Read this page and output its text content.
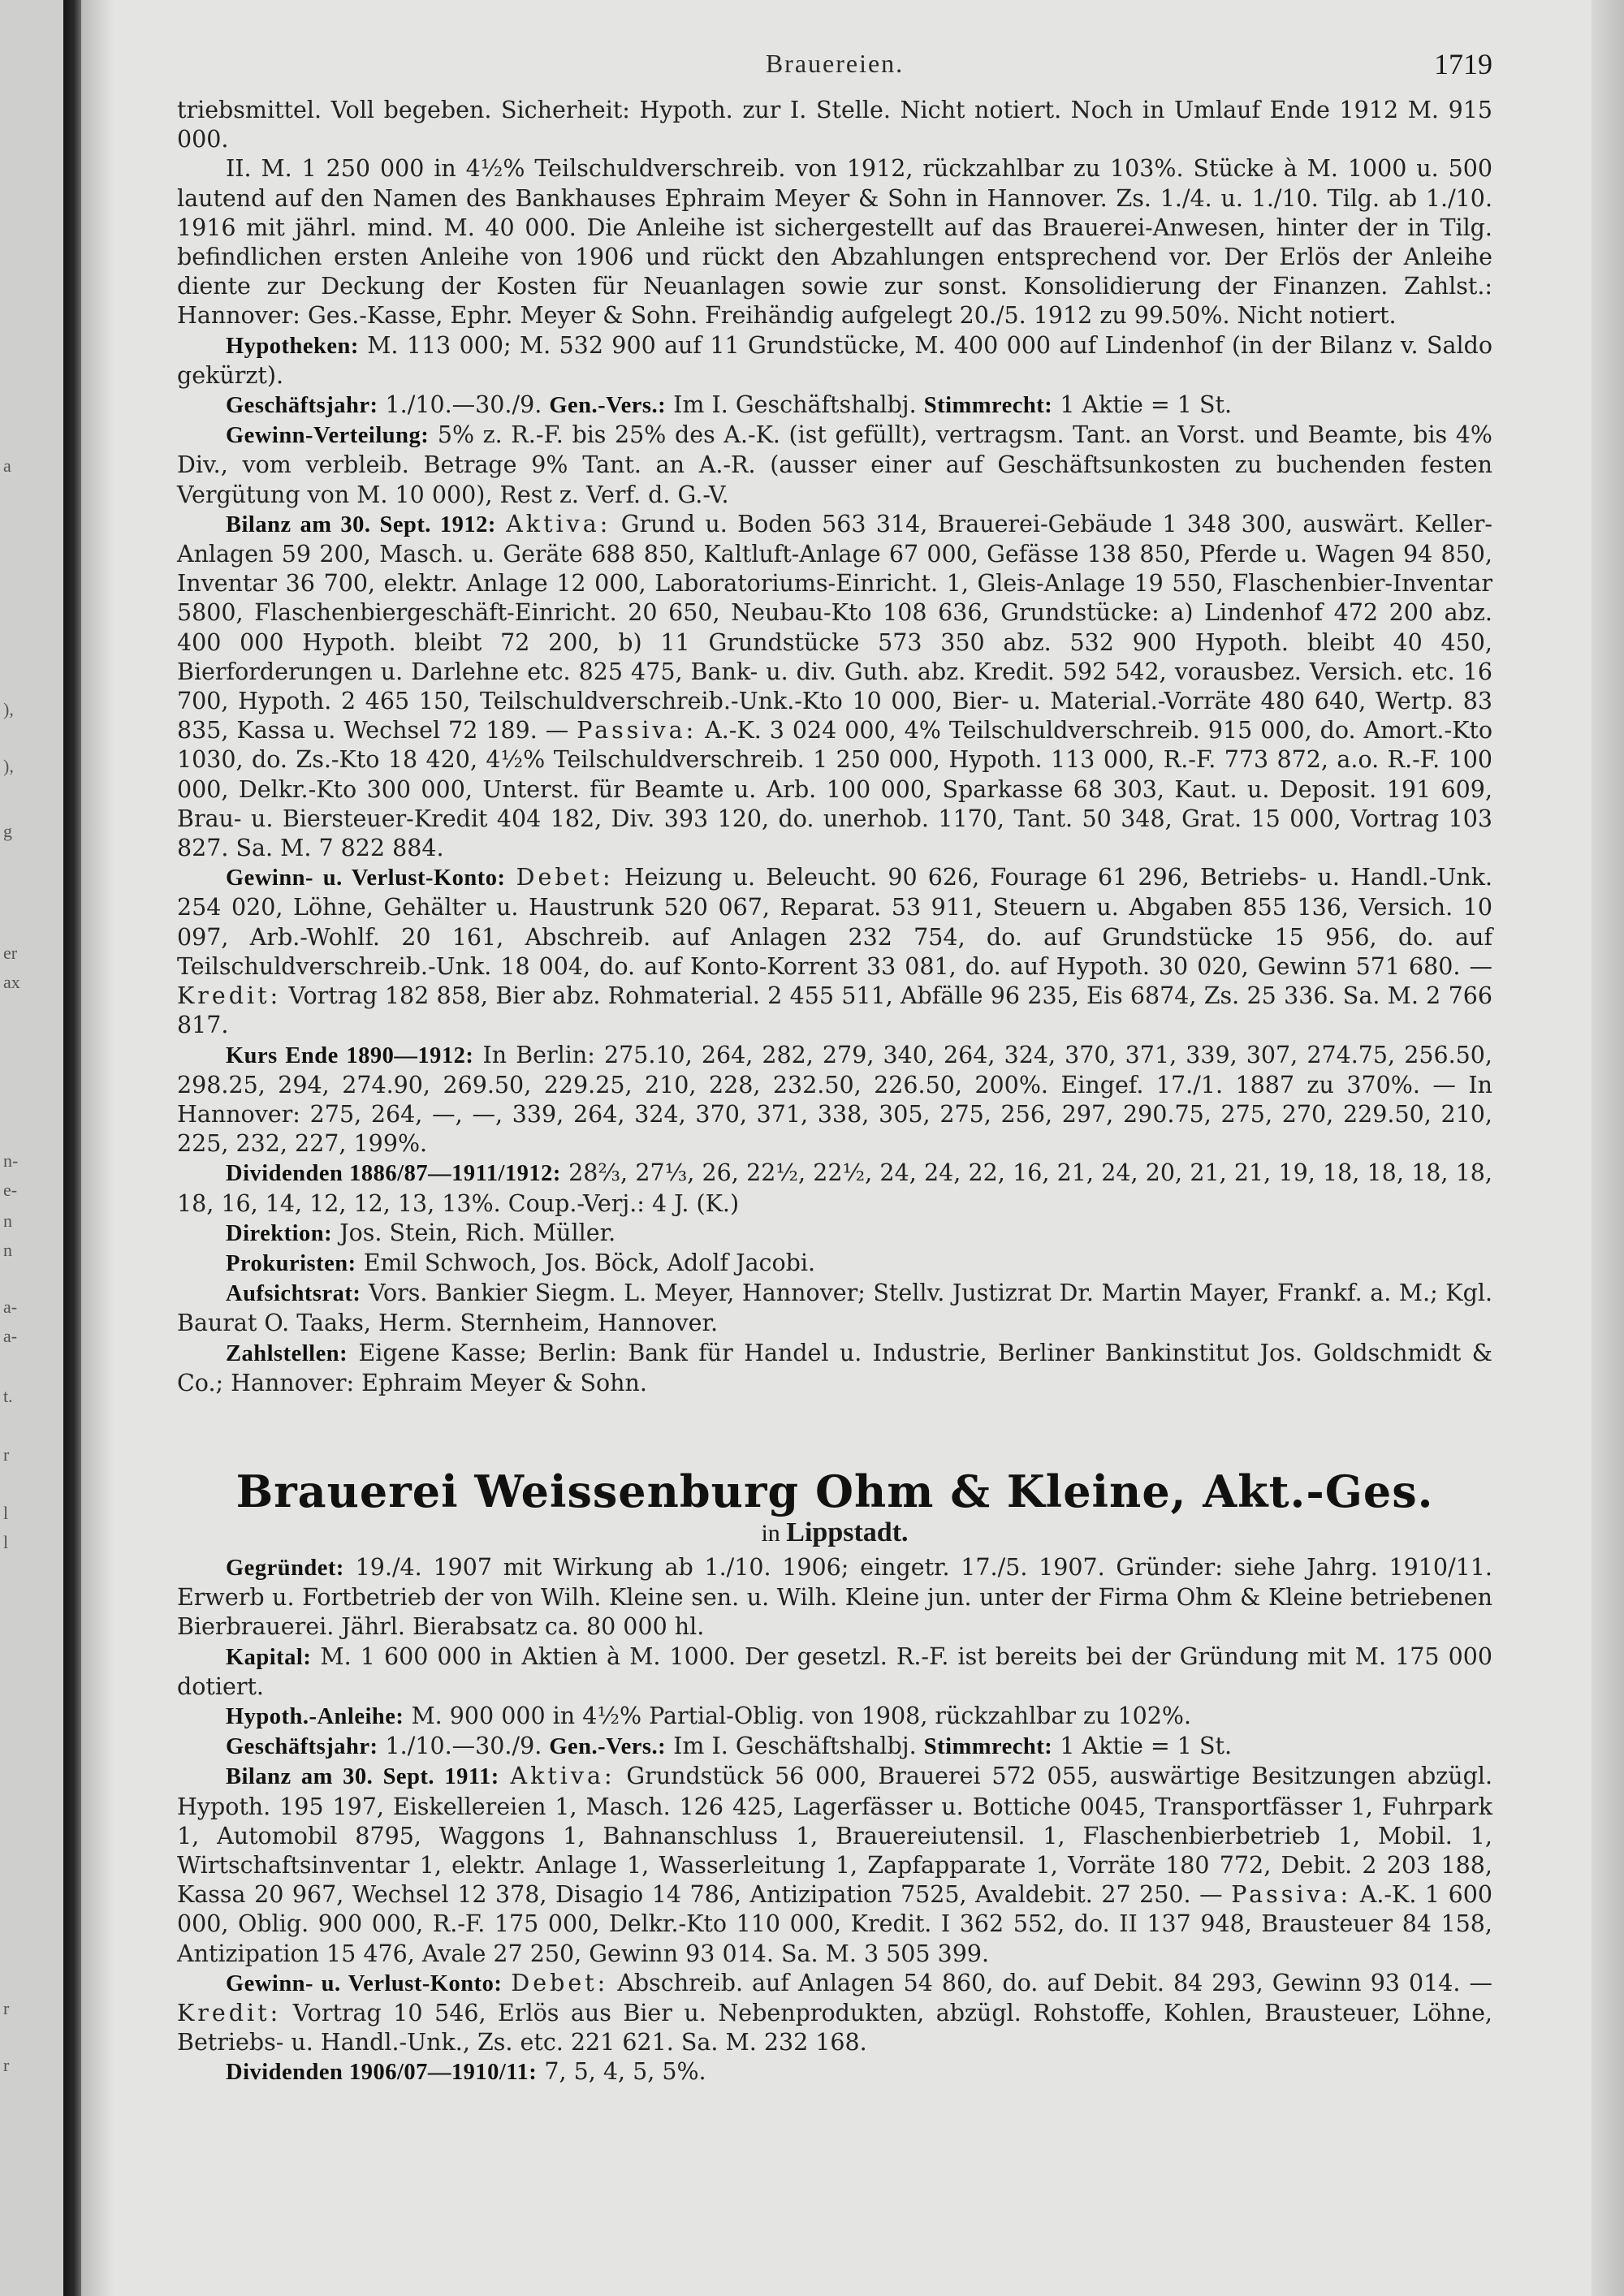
a
),
),
g
er
ax
n-
e-
n
n
a-
a-
t.
r
l
l
r
r
Brauereien.	1719

triebsmittel. Voll begeben. Sicherheit: Hypoth. zur I. Stelle. Nicht notiert. Noch in Umlauf Ende 1912 M. 915 000.

II. M. 1 250 000 in 4½% Teilschuldverschreib. von 1912, rückzahlbar zu 103%. Stücke à M. 1000 u. 500 lautend auf den Namen des Bankhauses Ephraim Meyer & Sohn in Hannover. Zs. 1./4. u. 1./10. Tilg. ab 1./10. 1916 mit jährl. mind. M. 40 000. Die Anleihe ist sichergestellt auf das Brauerei-Anwesen, hinter der in Tilg. befindlichen ersten Anleihe von 1906 und rückt den Abzahlungen entsprechend vor. Der Erlös der Anleihe diente zur Deckung der Kosten für Neuanlagen sowie zur sonst. Konsolidierung der Finanzen. Zahlst.: Hannover: Ges.-Kasse, Ephr. Meyer & Sohn. Freihändig aufgelegt 20./5. 1912 zu 99.50%. Nicht notiert.

Hypotheken: M. 113 000; M. 532 900 auf 11 Grundstücke, M. 400 000 auf Lindenhof (in der Bilanz v. Saldo gekürzt).

Geschäftsjahr: 1./10.—30./9. Gen.-Vers.: Im I. Geschäftshalbj. Stimmrecht: 1 Aktie = 1 St.

Gewinn-Verteilung: 5% z. R.-F. bis 25% des A.-K. (ist gefüllt), vertragsm. Tant. an Vorst. und Beamte, bis 4% Div., vom verbleib. Betrage 9% Tant. an A.-R. (ausser einer auf Geschäftsunkosten zu buchenden festen Vergütung von M. 10 000), Rest z. Verf. d. G.-V.

Bilanz am 30. Sept. 1912: Aktiva: Grund u. Boden 563 314, Brauerei-Gebäude 1 348 300, auswärt. Keller-Anlagen 59 200, Masch. u. Geräte 688 850, Kaltluft-Anlage 67 000, Gefässe 138 850, Pferde u. Wagen 94 850, Inventar 36 700, elektr. Anlage 12 000, Laboratoriums-Einricht. 1, Gleis-Anlage 19 550, Flaschenbier-Inventar 5800, Flaschenbiergeschäft-Einricht. 20 650, Neubau-Kto 108 636, Grundstücke: a) Lindenhof 472 200 abz. 400 000 Hypoth. bleibt 72 200, b) 11 Grundstücke 573 350 abz. 532 900 Hypoth. bleibt 40 450, Bierforderungen u. Darlehne etc. 825 475, Bank- u. div. Guth. abz. Kredit. 592 542, vorausbez. Versich. etc. 16 700, Hypoth. 2 465 150, Teilschuldverschreib.-Unk.-Kto 10 000, Bier- u. Material.-Vorräte 480 640, Wertp. 83 835, Kassa u. Wechsel 72 189. — Passiva: A.-K. 3 024 000, 4% Teilschuldverschreib. 915 000, do. Amort.-Kto 1030, do. Zs.-Kto 18 420, 4½% Teilschuldverschreib. 1 250 000, Hypoth. 113 000, R.-F. 773 872, a.o. R.-F. 100 000, Delkr.-Kto 300 000, Unterst. für Beamte u. Arb. 100 000, Sparkasse 68 303, Kaut. u. Deposit. 191 609, Brau- u. Biersteuer-Kredit 404 182, Div. 393 120, do. unerhob. 1170, Tant. 50 348, Grat. 15 000, Vortrag 103 827. Sa. M. 7 822 884.

Gewinn- u. Verlust-Konto: Debet: Heizung u. Beleucht. 90 626, Fourage 61 296, Betriebs- u. Handl.-Unk. 254 020, Löhne, Gehälter u. Haustrunk 520 067, Reparat. 53 911, Steuern u. Abgaben 855 136, Versich. 10 097, Arb.-Wohlf. 20 161, Abschreib. auf Anlagen 232 754, do. auf Grundstücke 15 956, do. auf Teilschuldverschreib.-Unk. 18 004, do. auf Konto-Korrent 33 081, do. auf Hypoth. 30 020, Gewinn 571 680. — Kredit: Vortrag 182 858, Bier abz. Rohmaterial. 2 455 511, Abfälle 96 235, Eis 6874, Zs. 25 336. Sa. M. 2 766 817.

Kurs Ende 1890—1912: In Berlin: 275.10, 264, 282, 279, 340, 264, 324, 370, 371, 339, 307, 274.75, 256.50, 298.25, 294, 274.90, 269.50, 229.25, 210, 228, 232.50, 226.50, 200%. Eingef. 17./1. 1887 zu 370%. — In Hannover: 275, 264, —, —, 339, 264, 324, 370, 371, 338, 305, 275, 256, 297, 290.75, 275, 270, 229.50, 210, 225, 232, 227, 199%.

Dividenden 1886/87—1911/1912: 28⅔, 27⅓, 26, 22½, 22½, 24, 24, 22, 16, 21, 24, 20, 21, 21, 19, 18, 18, 18, 18, 18, 16, 14, 12, 12, 13, 13%. Coup.-Verj.: 4 J. (K.)

Direktion: Jos. Stein, Rich. Müller.

Prokuristen: Emil Schwoch, Jos. Böck, Adolf Jacobi.

Aufsichtsrat: Vors. Bankier Siegm. L. Meyer, Hannover; Stellv. Justizrat Dr. Martin Mayer, Frankf. a. M.; Kgl. Baurat O. Taaks, Herm. Sternheim, Hannover.

Zahlstellen: Eigene Kasse; Berlin: Bank für Handel u. Industrie, Berliner Bankinstitut Jos. Goldschmidt & Co.; Hannover: Ephraim Meyer & Sohn.

Brauerei Weissenburg Ohm & Kleine, Akt.-Ges.
in Lippstadt.

Gegründet: 19./4. 1907 mit Wirkung ab 1./10. 1906; eingetr. 17./5. 1907. Gründer: siehe Jahrg. 1910/11. Erwerb u. Fortbetrieb der von Wilh. Kleine sen. u. Wilh. Kleine jun. unter der Firma Ohm & Kleine betriebenen Bierbrauerei. Jährl. Bierabsatz ca. 80 000 hl.

Kapital: M. 1 600 000 in Aktien à M. 1000. Der gesetzl. R.-F. ist bereits bei der Gründung mit M. 175 000 dotiert.

Hypoth.-Anleihe: M. 900 000 in 4½% Partial-Oblig. von 1908, rückzahlbar zu 102%.

Geschäftsjahr: 1./10.—30./9. Gen.-Vers.: Im I. Geschäftshalbj. Stimmrecht: 1 Aktie = 1 St.

Bilanz am 30. Sept. 1911: Aktiva: Grundstück 56 000, Brauerei 572 055, auswärtige Besitzungen abzügl. Hypoth. 195 197, Eiskellereien 1, Masch. 126 425, Lagerfässer u. Bottiche 0045, Transportfässer 1, Fuhrpark 1, Automobil 8795, Waggons 1, Bahnanschluss 1, Brauereiutensil. 1, Flaschenbierbetrieb 1, Mobil. 1, Wirtschaftsinventar 1, elektr. Anlage 1, Wasserleitung 1, Zapfapparate 1, Vorräte 180 772, Debit. 2 203 188, Kassa 20 967, Wechsel 12 378, Disagio 14 786, Antizipation 7525, Avaldebit. 27 250. — Passiva: A.-K. 1 600 000, Oblig. 900 000, R.-F. 175 000, Delkr.-Kto 110 000, Kredit. I 362 552, do. II 137 948, Brausteuer 84 158, Antizipation 15 476, Avale 27 250, Gewinn 93 014. Sa. M. 3 505 399.

Gewinn- u. Verlust-Konto: Debet: Abschreib. auf Anlagen 54 860, do. auf Debit. 84 293, Gewinn 93 014. — Kredit: Vortrag 10 546, Erlös aus Bier u. Nebenprodukten, abzügl. Rohstoffe, Kohlen, Brausteuer, Löhne, Betriebs- u. Handl.-Unk., Zs. etc. 221 621. Sa. M. 232 168.

Dividenden 1906/07—1910/11: 7, 5, 4, 5, 5%.
